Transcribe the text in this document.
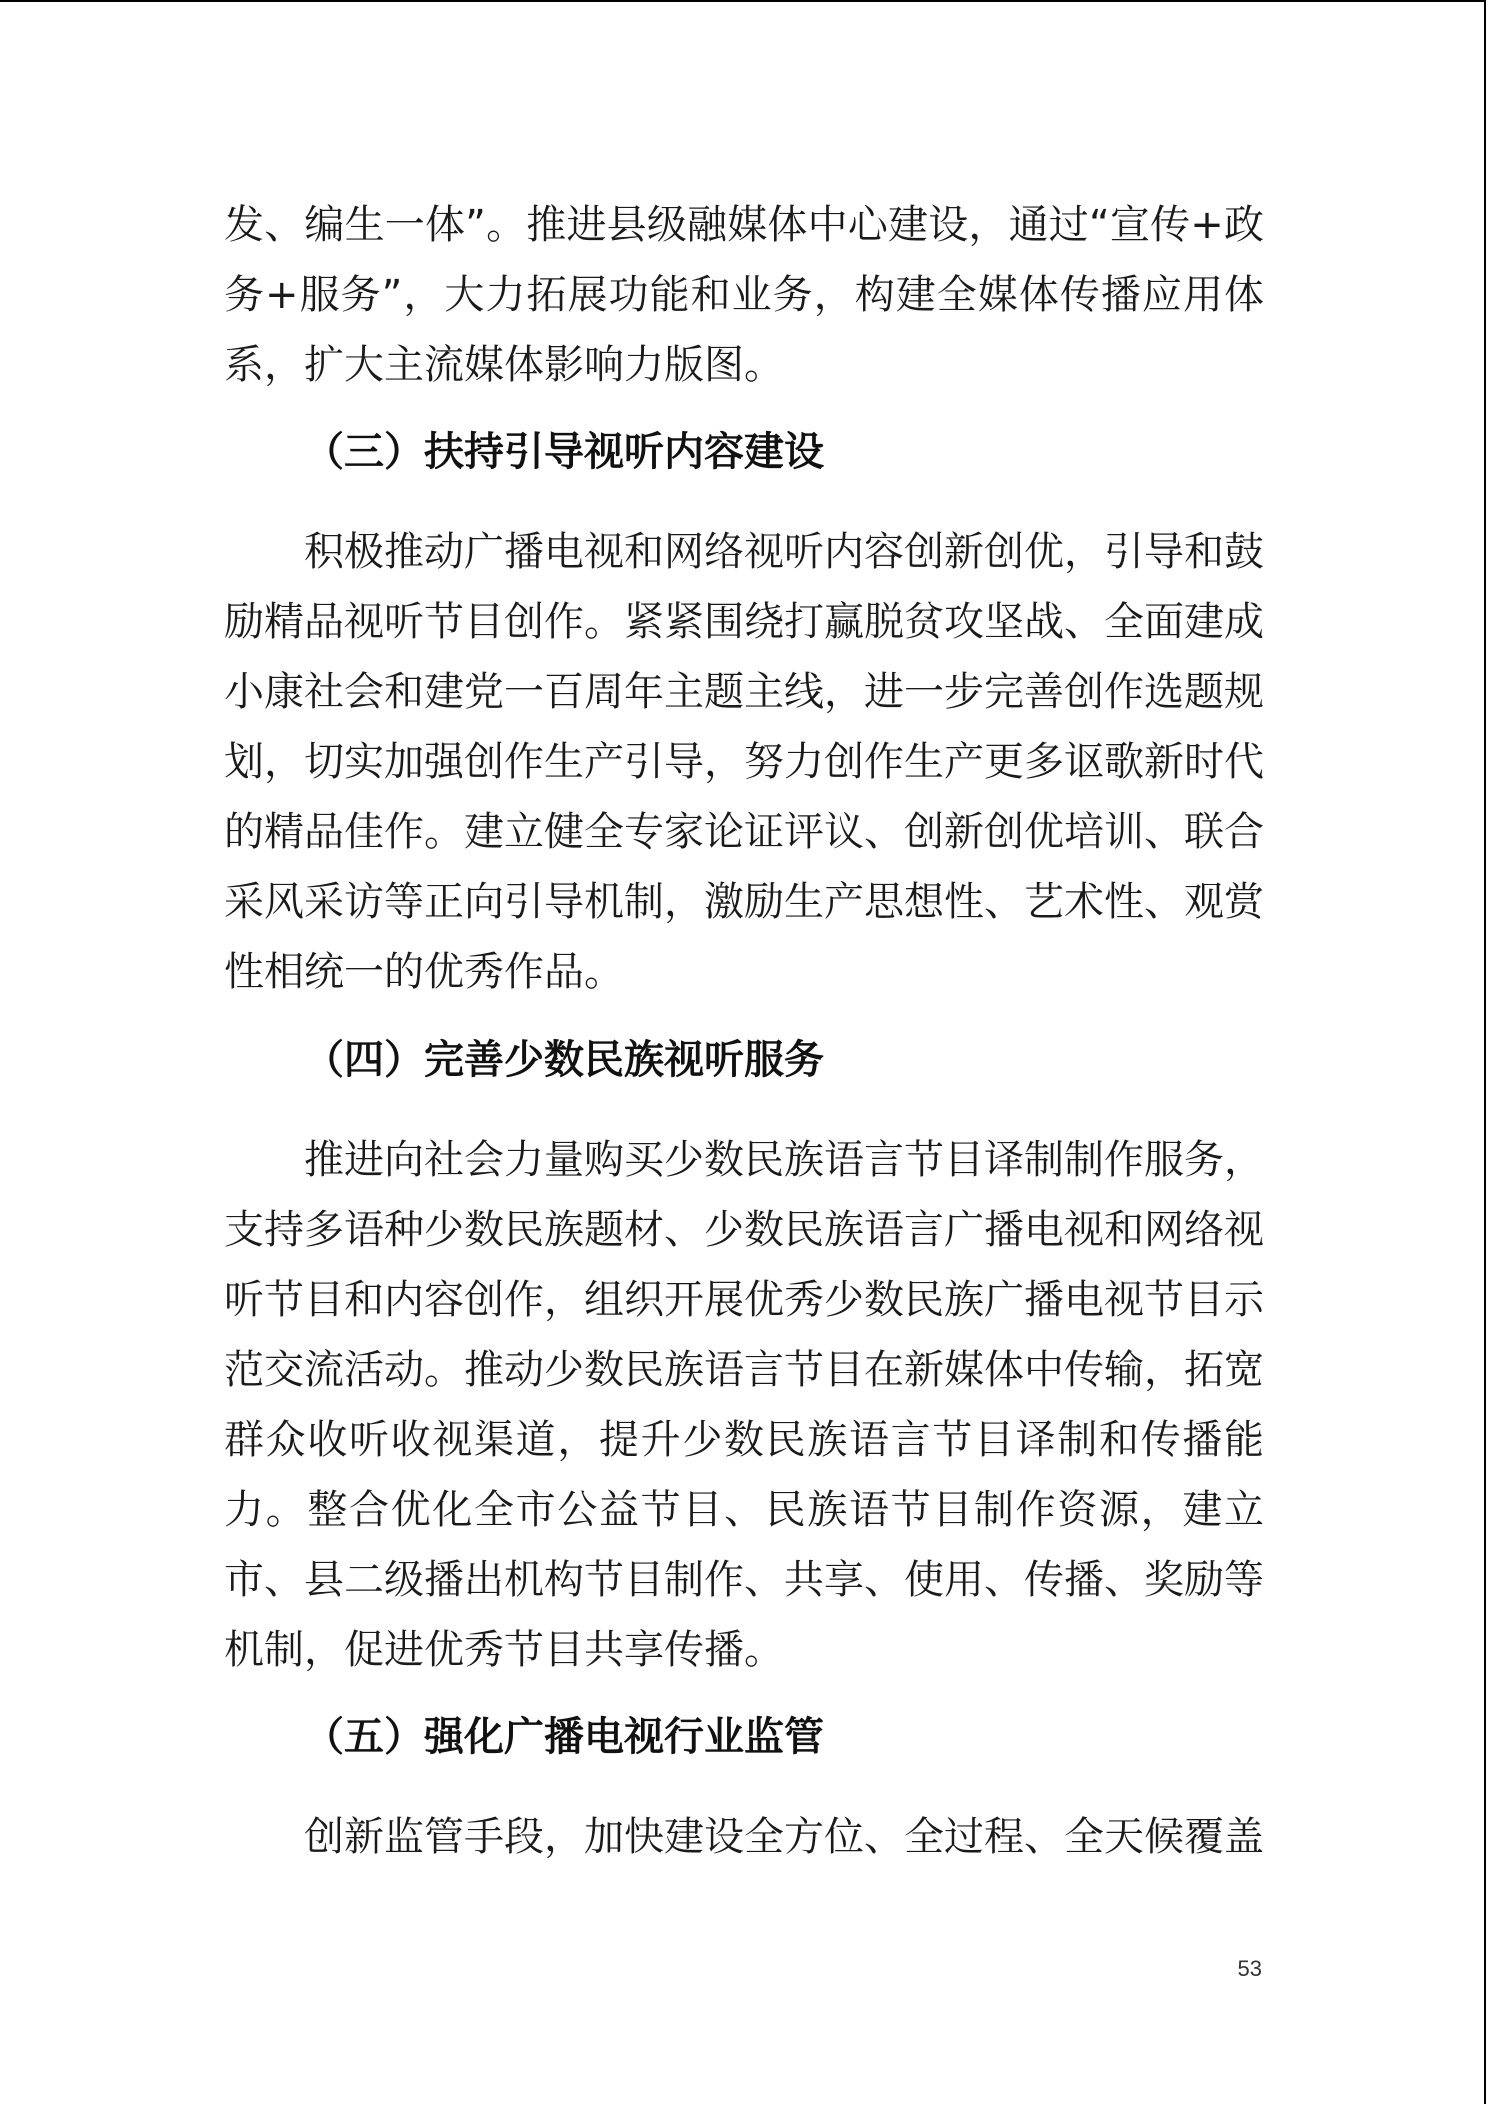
发、编生一体”。推进县级融媒体中心建设，通过“宣传+政务+服务”，大力拓展功能和业务，构建全媒体传播应用体系，扩大主流媒体影响力版图。

（三）扶持引导视听内容建设

积极推动广播电视和网络视听内容创新创优，引导和鼓励精品视听节目创作。紧紧围绕打赢脱贫攻坚战、全面建成小康社会和建党一百周年主题主线，进一步完善创作选题规划，切实加强创作生产引导，努力创作生产更多讴歌新时代的精品佳作。建立健全专家论证评议、创新创优培训、联合采风采访等正向引导机制，激励生产思想性、艺术性、观赏性相统一的优秀作品。

（四）完善少数民族视听服务

推进向社会力量购买少数民族语言节目译制制作服务，支持多语种少数民族题材、少数民族语言广播电视和网络视听节目和内容创作，组织开展优秀少数民族广播电视节目示范交流活动。推动少数民族语言节目在新媒体中传输，拓宽群众收听收视渠道，提升少数民族语言节目译制和传播能力。整合优化全市公益节目、民族语节目制作资源，建立市、县二级播出机构节目制作、共享、使用、传播、奖励等机制，促进优秀节目共享传播。

（五）强化广播电视行业监管

创新监管手段，加快建设全方位、全过程、全天候覆盖

53
